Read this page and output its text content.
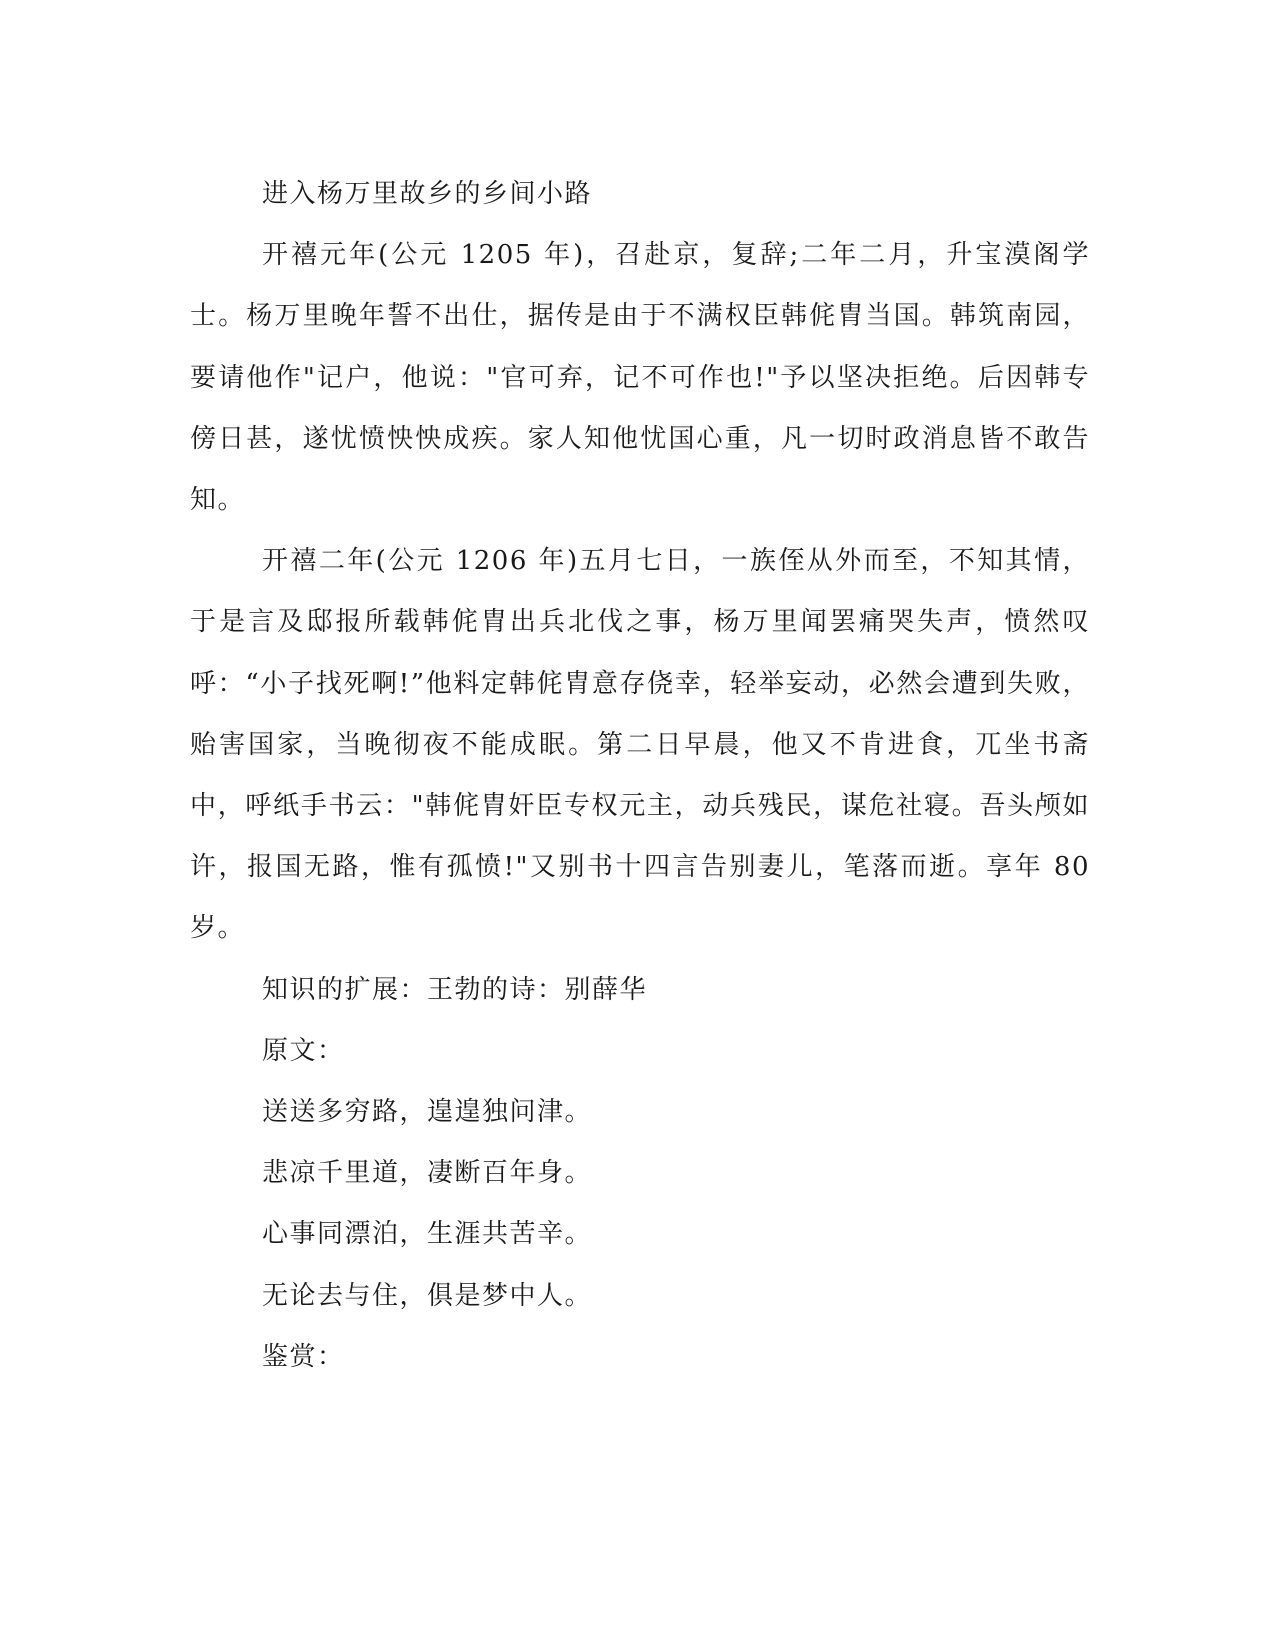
进入杨万里故乡的乡间小路

开禧元年(公元 1205 年)，召赴京，复辞;二年二月，升宝漠阁学士。杨万里晚年誓不出仕，据传是由于不满权臣韩侂胄当国。韩筑南园，要请他作"记户，他说："官可弃，记不可作也!"予以坚决拒绝。后因韩专傍日甚，遂忧愤怏怏成疾。家人知他忧国心重，凡一切时政消息皆不敢告知。

开禧二年(公元 1206 年)五月七日，一族侄从外而至，不知其情，于是言及邸报所载韩侂胄出兵北伐之事，杨万里闻罢痛哭失声，愤然叹呼：“小子找死啊!”他料定韩侂胄意存侥幸，轻举妄动，必然会遭到失败，贻害国家，当晚彻夜不能成眠。第二日早晨，他又不肯进食，兀坐书斋中，呼纸手书云："韩侂胄奸臣专权元主，动兵残民，谋危社寝。吾头颅如许，报国无路，惟有孤愤!"又别书十四言告别妻儿，笔落而逝。享年 80 岁。

知识的扩展：王勃的诗：别薛华

原文：

送送多穷路，遑遑独问津。

悲凉千里道，凄断百年身。

心事同漂泊，生涯共苦辛。

无论去与住，俱是梦中人。

鉴赏：
